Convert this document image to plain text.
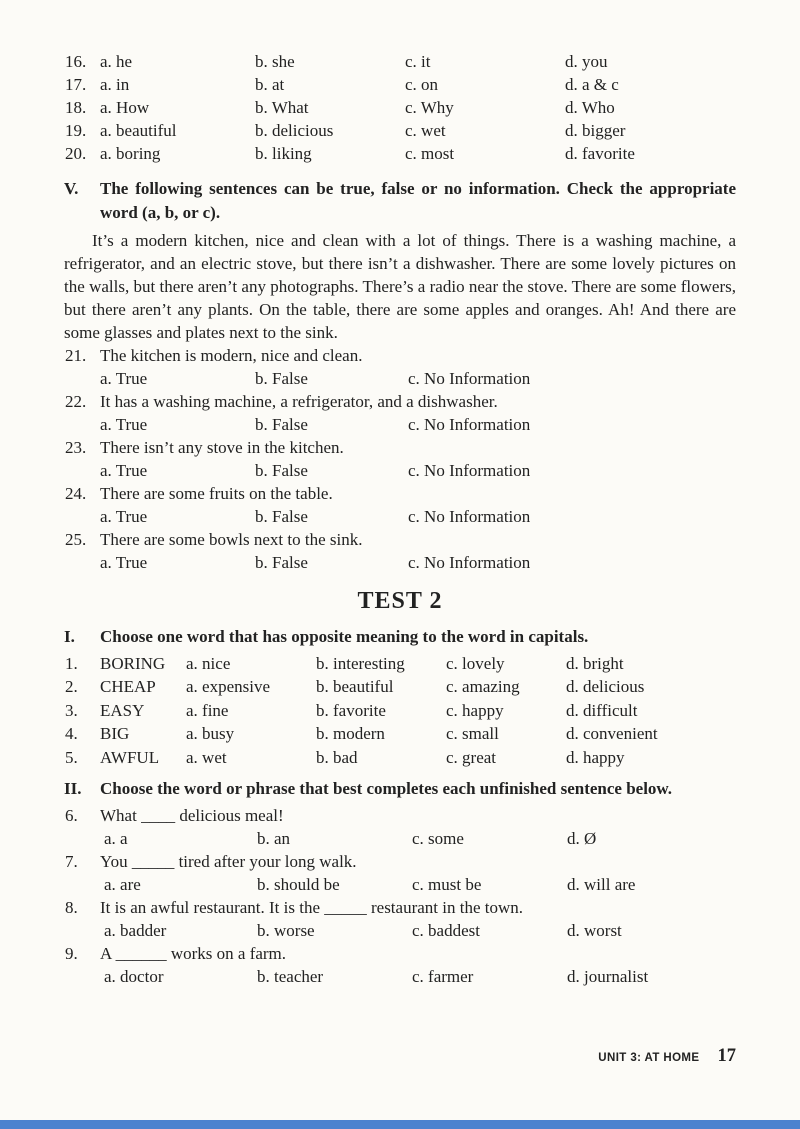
16. a. he	b. she	c. it	d. you
17. a. in	b. at	c. on	d. a & c
18. a. How	b. What	c. Why	d. Who
19. a. beautiful	b. delicious	c. wet	d. bigger
20. a. boring	b. liking	c. most	d. favorite
V.	The following sentences can be true, false or no information. Check the appropriate word (a, b, or c).

It’s a modern kitchen, nice and clean with a lot of things. There is a washing machine, a refrigerator, and an electric stove, but there isn’t a dishwasher. There are some lovely pictures on the walls, but there aren’t any photographs. There’s a radio near the stove. There are some flowers, but there aren’t any plants. On the table, there are some apples and oranges. Ah! And there are some glasses and plates next to the sink.

21. The kitchen is modern, nice and clean.
a. True	b. False	c. No Information
22. It has a washing machine, a refrigerator, and a dishwasher.
a. True	b. False	c. No Information
23. There isn’t any stove in the kitchen.
a. True	b. False	c. No Information
24. There are some fruits on the table.
a. True	b. False	c. No Information
25. There are some bowls next to the sink.
a. True	b. False	c. No Information
TEST 2
I.	Choose one word that has opposite meaning to the word in capitals.
1.	BORING	a. nice	b. interesting	c. lovely	d. bright
2.	CHEAP	a. expensive	b. beautiful	c. amazing	d. delicious
3.	EASY	a. fine	b. favorite	c. happy	d. difficult
4.	BIG	a. busy	b. modern	c. small	d. convenient
5.	AWFUL	a. wet	b. bad	c. great	d. happy
II.	Choose the word or phrase that best completes each unfinished sentence below.
6.	What ____ delicious meal!
a. a	b. an	c. some	d. Ø
7.	You _____ tired after your long walk.
a. are	b. should be	c. must be	d. will are
8.	It is an awful restaurant. It is the _____ restaurant in the town.
a. badder	b. worse	c. baddest	d. worst
9.	A ______ works on a farm.
a. doctor	b. teacher	c. farmer	d. journalist
UNIT 3: AT HOME 17
